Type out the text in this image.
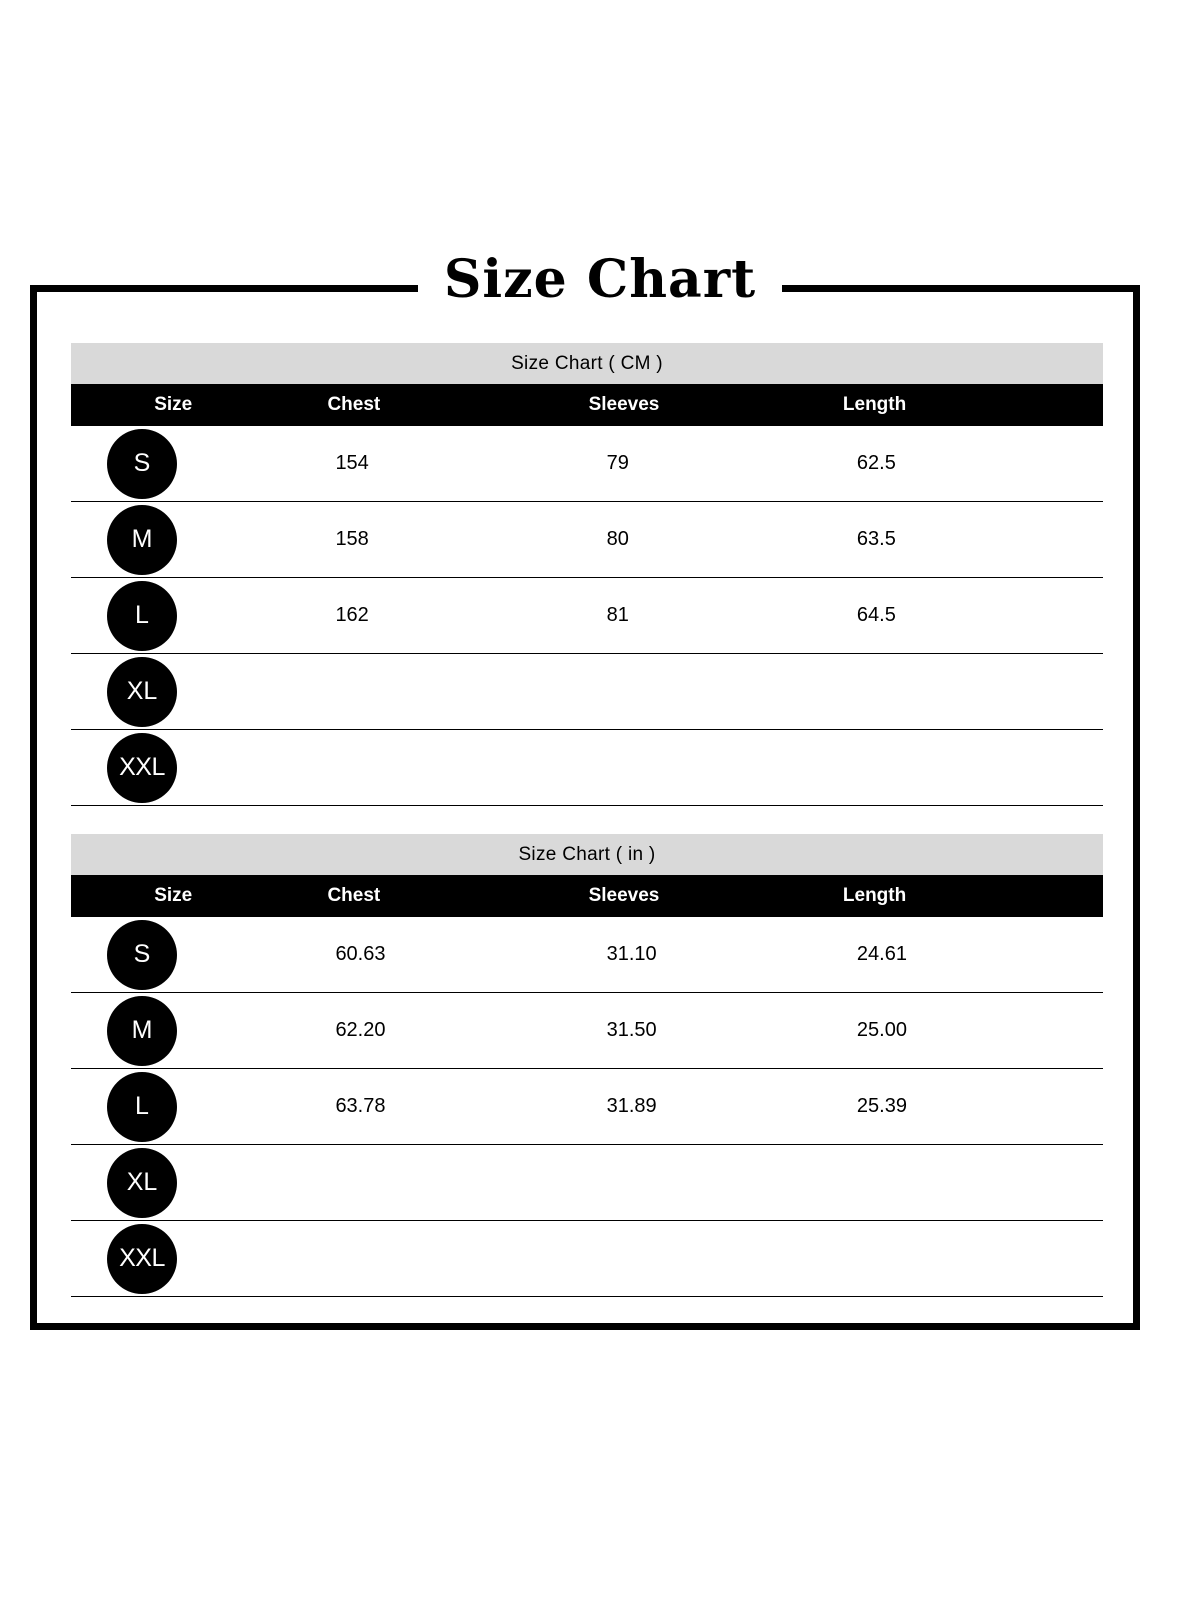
Size Chart
Size Chart ( CM )
Size	Chest	Sleeves	Length
S	154	79	62.5
M	158	80	63.5
L	162	81	64.5
XL			
XXL			
Size Chart ( in )
Size	Chest	Sleeves	Length
S	60.63	31.10	24.61
M	62.20	31.50	25.00
L	63.78	31.89	25.39
XL			
XXL			
